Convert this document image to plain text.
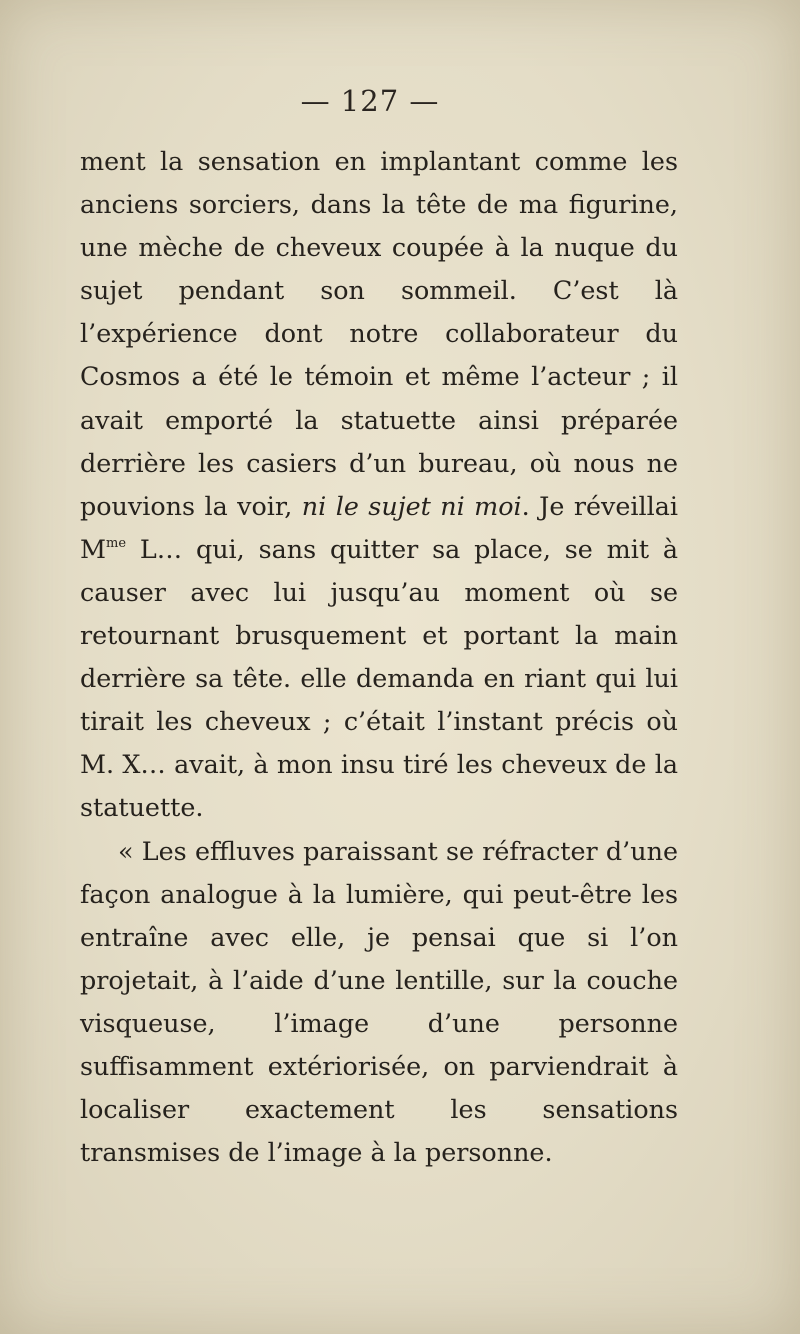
— 127 —

ment la sensation en implantant comme les anciens sorciers, dans la tête de ma figurine, une mèche de cheveux coupée à la nuque du sujet pendant son sommeil. C’est là l’expérience dont notre collaborateur du Cosmos a été le témoin et même l’acteur ; il avait emporté la statuette ainsi préparée derrière les casiers d’un bureau, où nous ne pouvions la voir, ni le sujet ni moi. Je réveillai $M^{me}$ L… qui, sans quitter sa place, se mit à causer avec lui jusqu’au moment où se retournant brusquement et portant la main derrière sa tête. elle demanda en riant qui lui tirait les cheveux ; c’était l’instant précis où M. X… avait, à mon insu tiré les cheveux de la statuette.

« Les effluves paraissant se réfracter d’une façon analogue à la lumière, qui peut-être les entraîne avec elle, je pensai que si l’on projetait, à l’aide d’une lentille, sur la couche visqueuse, l’image d’une personne suffisamment extériorisée, on parviendrait à localiser exactement les sensations transmises de l’image à la personne.
